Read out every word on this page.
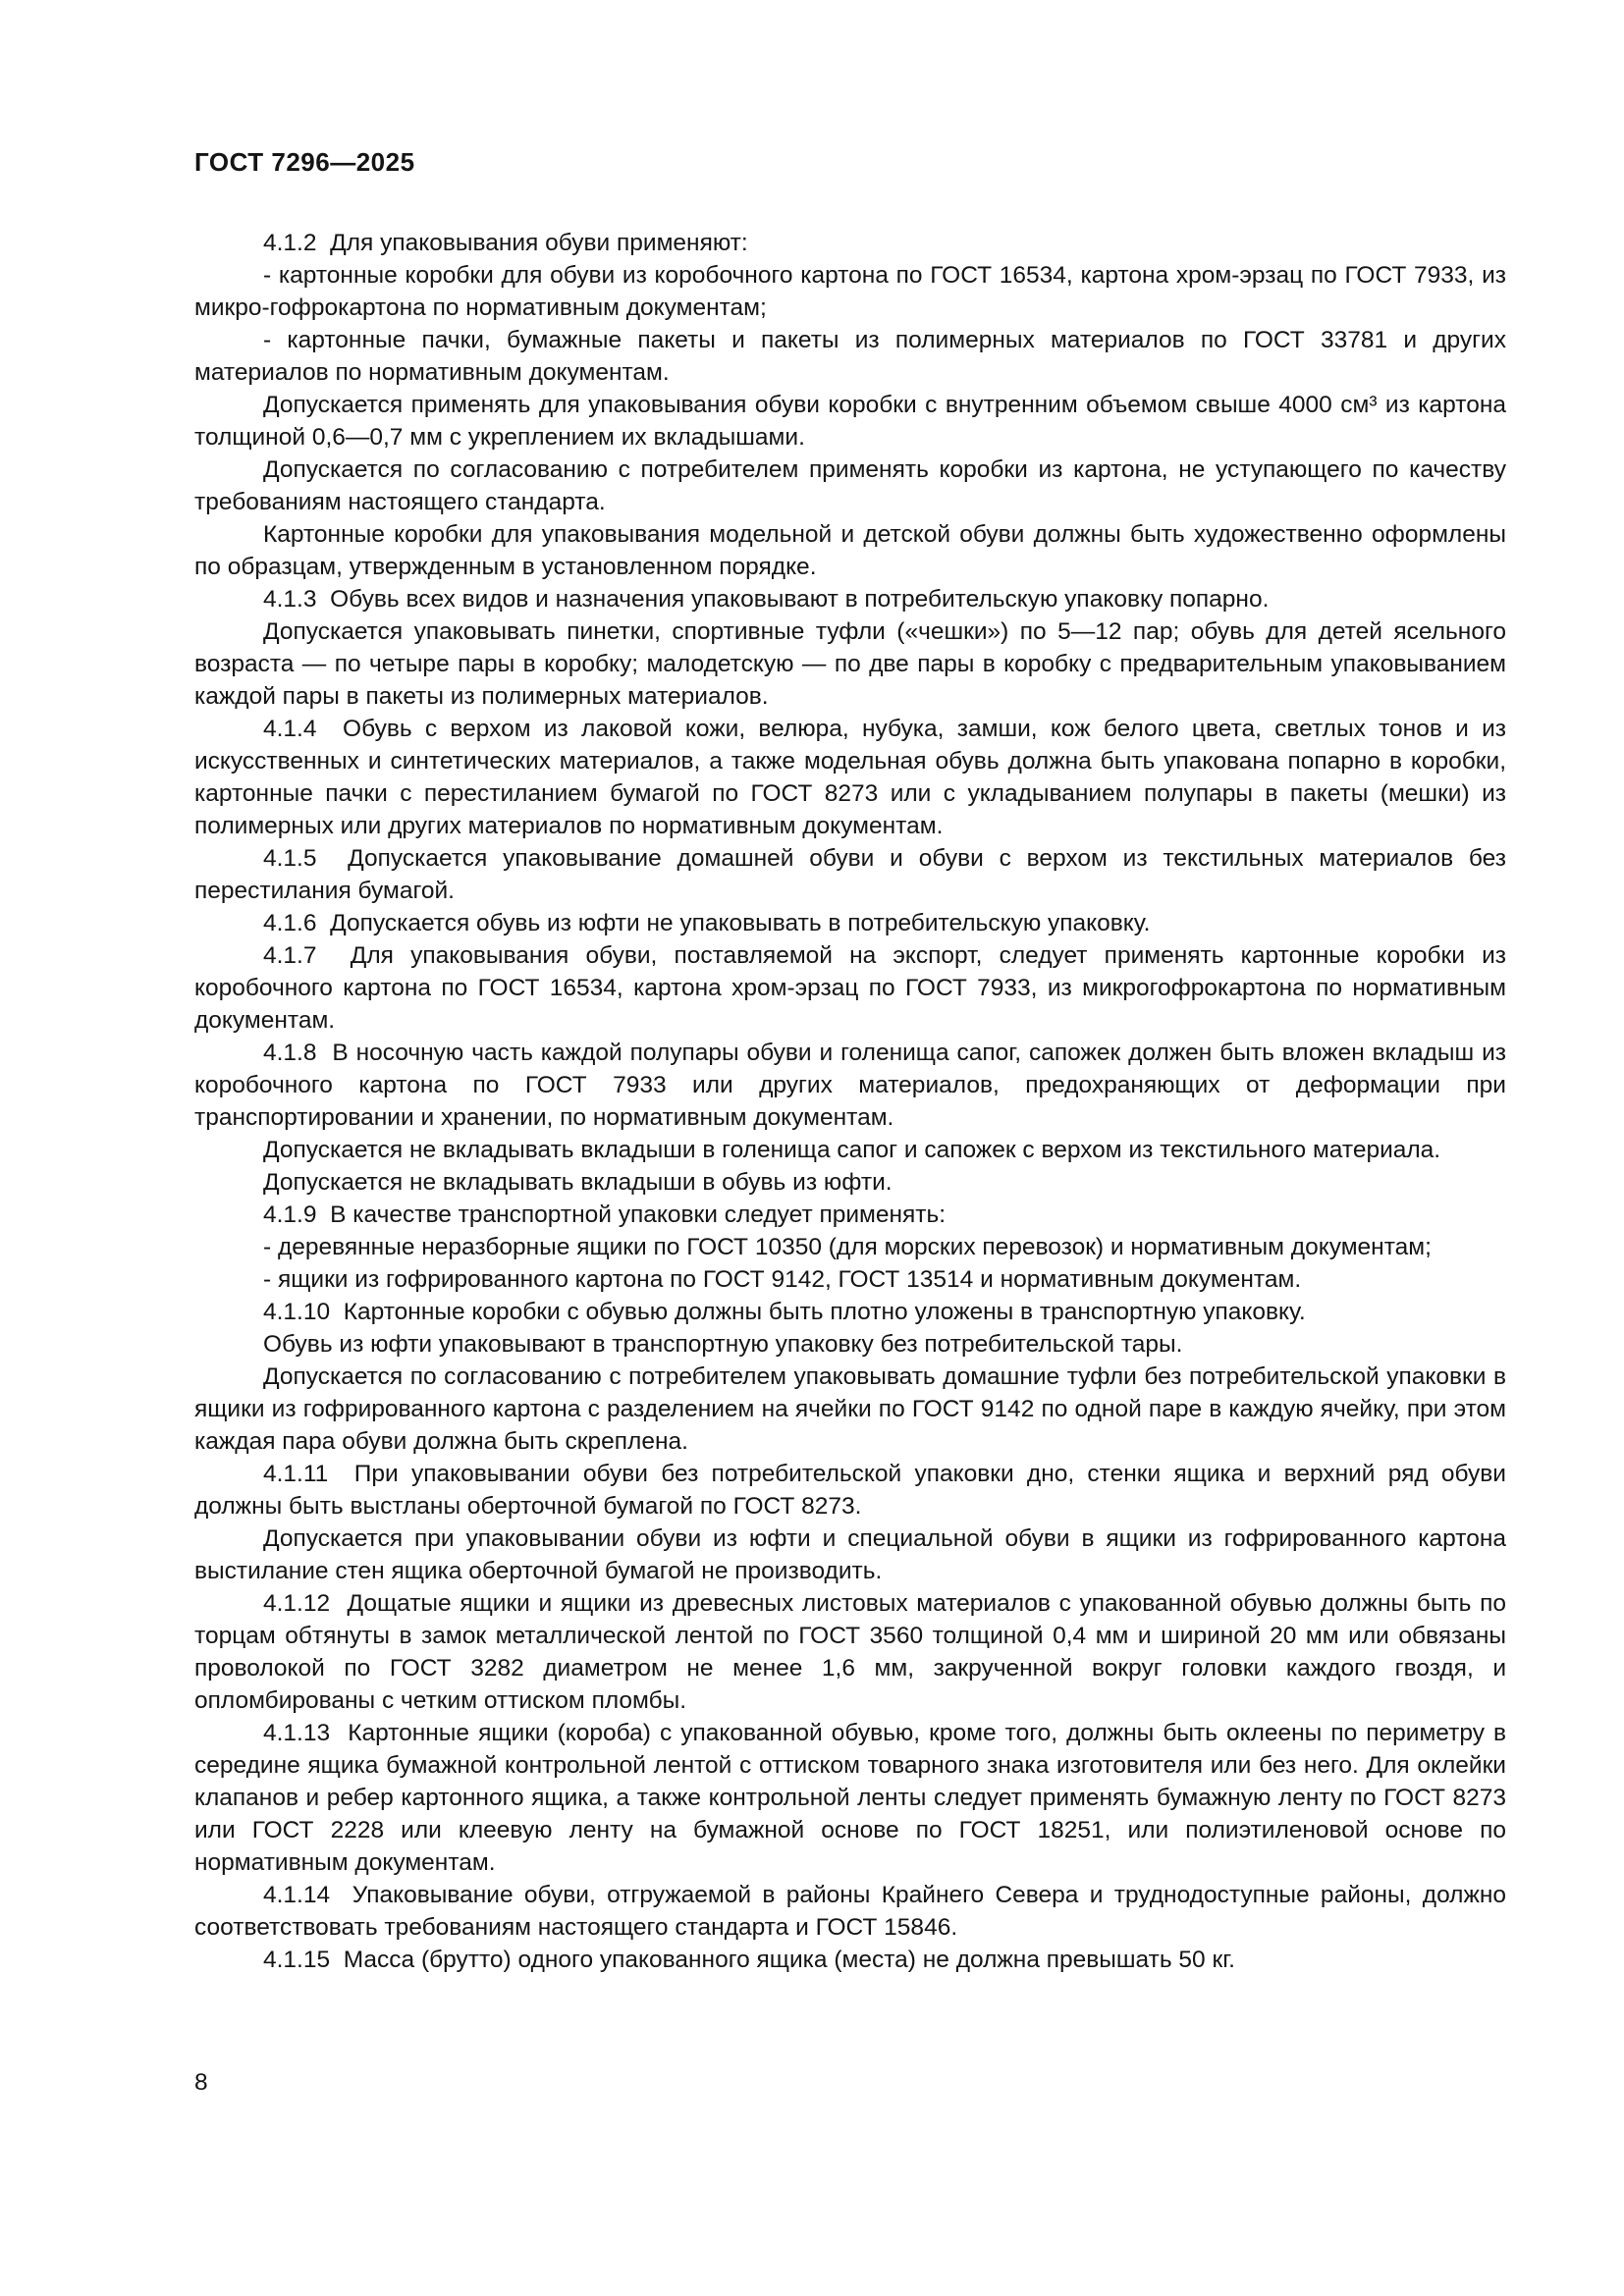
ГОСТ 7296—2025

4.1.2  Для упаковывания обуви применяют:

- картонные коробки для обуви из коробочного картона по ГОСТ 16534, картона хром-эрзац по ГОСТ 7933, из микро-гофрокартона по нормативным документам;

- картонные пачки, бумажные пакеты и пакеты из полимерных материалов по ГОСТ 33781 и других материалов по нормативным документам.

Допускается применять для упаковывания обуви коробки с внутренним объемом свыше 4000 см³ из картона толщиной 0,6—0,7 мм с укреплением их вкладышами.

Допускается по согласованию с потребителем применять коробки из картона, не уступающего по качеству требованиям настоящего стандарта.

Картонные коробки для упаковывания модельной и детской обуви должны быть художественно оформлены по образцам, утвержденным в установленном порядке.

4.1.3  Обувь всех видов и назначения упаковывают в потребительскую упаковку попарно.

Допускается упаковывать пинетки, спортивные туфли («чешки») по 5—12 пар; обувь для детей ясельного возраста — по четыре пары в коробку; малодетскую — по две пары в коробку с предварительным упаковыванием каждой пары в пакеты из полимерных материалов.

4.1.4  Обувь с верхом из лаковой кожи, велюра, нубука, замши, кож белого цвета, светлых тонов и из искусственных и синтетических материалов, а также модельная обувь должна быть упакована попарно в коробки, картонные пачки с перестиланием бумагой по ГОСТ 8273 или с укладыванием полупары в пакеты (мешки) из полимерных или других материалов по нормативным документам.

4.1.5  Допускается упаковывание домашней обуви и обуви с верхом из текстильных материалов без перестилания бумагой.

4.1.6  Допускается обувь из юфти не упаковывать в потребительскую упаковку.

4.1.7  Для упаковывания обуви, поставляемой на экспорт, следует применять картонные коробки из коробочного картона по ГОСТ 16534, картона хром-эрзац по ГОСТ 7933, из микрогофрокартона по нормативным документам.

4.1.8  В носочную часть каждой полупары обуви и голенища сапог, сапожек должен быть вложен вкладыш из коробочного картона по ГОСТ 7933 или других материалов, предохраняющих от деформации при транспортировании и хранении, по нормативным документам.

Допускается не вкладывать вкладыши в голенища сапог и сапожек с верхом из текстильного материала.

Допускается не вкладывать вкладыши в обувь из юфти.

4.1.9  В качестве транспортной упаковки следует применять:

- деревянные неразборные ящики по ГОСТ 10350 (для морских перевозок) и нормативным документам;

- ящики из гофрированного картона по ГОСТ 9142, ГОСТ 13514 и нормативным документам.

4.1.10  Картонные коробки с обувью должны быть плотно уложены в транспортную упаковку.

Обувь из юфти упаковывают в транспортную упаковку без потребительской тары.

Допускается по согласованию с потребителем упаковывать домашние туфли без потребительской упаковки в ящики из гофрированного картона с разделением на ячейки по ГОСТ 9142 по одной паре в каждую ячейку, при этом каждая пара обуви должна быть скреплена.

4.1.11  При упаковывании обуви без потребительской упаковки дно, стенки ящика и верхний ряд обуви должны быть выстланы оберточной бумагой по ГОСТ 8273.

Допускается при упаковывании обуви из юфти и специальной обуви в ящики из гофрированного картона выстилание стен ящика оберточной бумагой не производить.

4.1.12  Дощатые ящики и ящики из древесных листовых материалов с упакованной обувью должны быть по торцам обтянуты в замок металлической лентой по ГОСТ 3560 толщиной 0,4 мм и шириной 20 мм или обвязаны проволокой по ГОСТ 3282 диаметром не менее 1,6 мм, закрученной вокруг головки каждого гвоздя, и опломбированы с четким оттиском пломбы.

4.1.13  Картонные ящики (короба) с упакованной обувью, кроме того, должны быть оклеены по периметру в середине ящика бумажной контрольной лентой с оттиском товарного знака изготовителя или без него. Для оклейки клапанов и ребер картонного ящика, а также контрольной ленты следует применять бумажную ленту по ГОСТ 8273 или ГОСТ 2228 или клеевую ленту на бумажной основе по ГОСТ 18251, или полиэтиленовой основе по нормативным документам.

4.1.14  Упаковывание обуви, отгружаемой в районы Крайнего Севера и труднодоступные районы, должно соответствовать требованиям настоящего стандарта и ГОСТ 15846.

4.1.15  Масса (брутто) одного упакованного ящика (места) не должна превышать 50 кг.

8
